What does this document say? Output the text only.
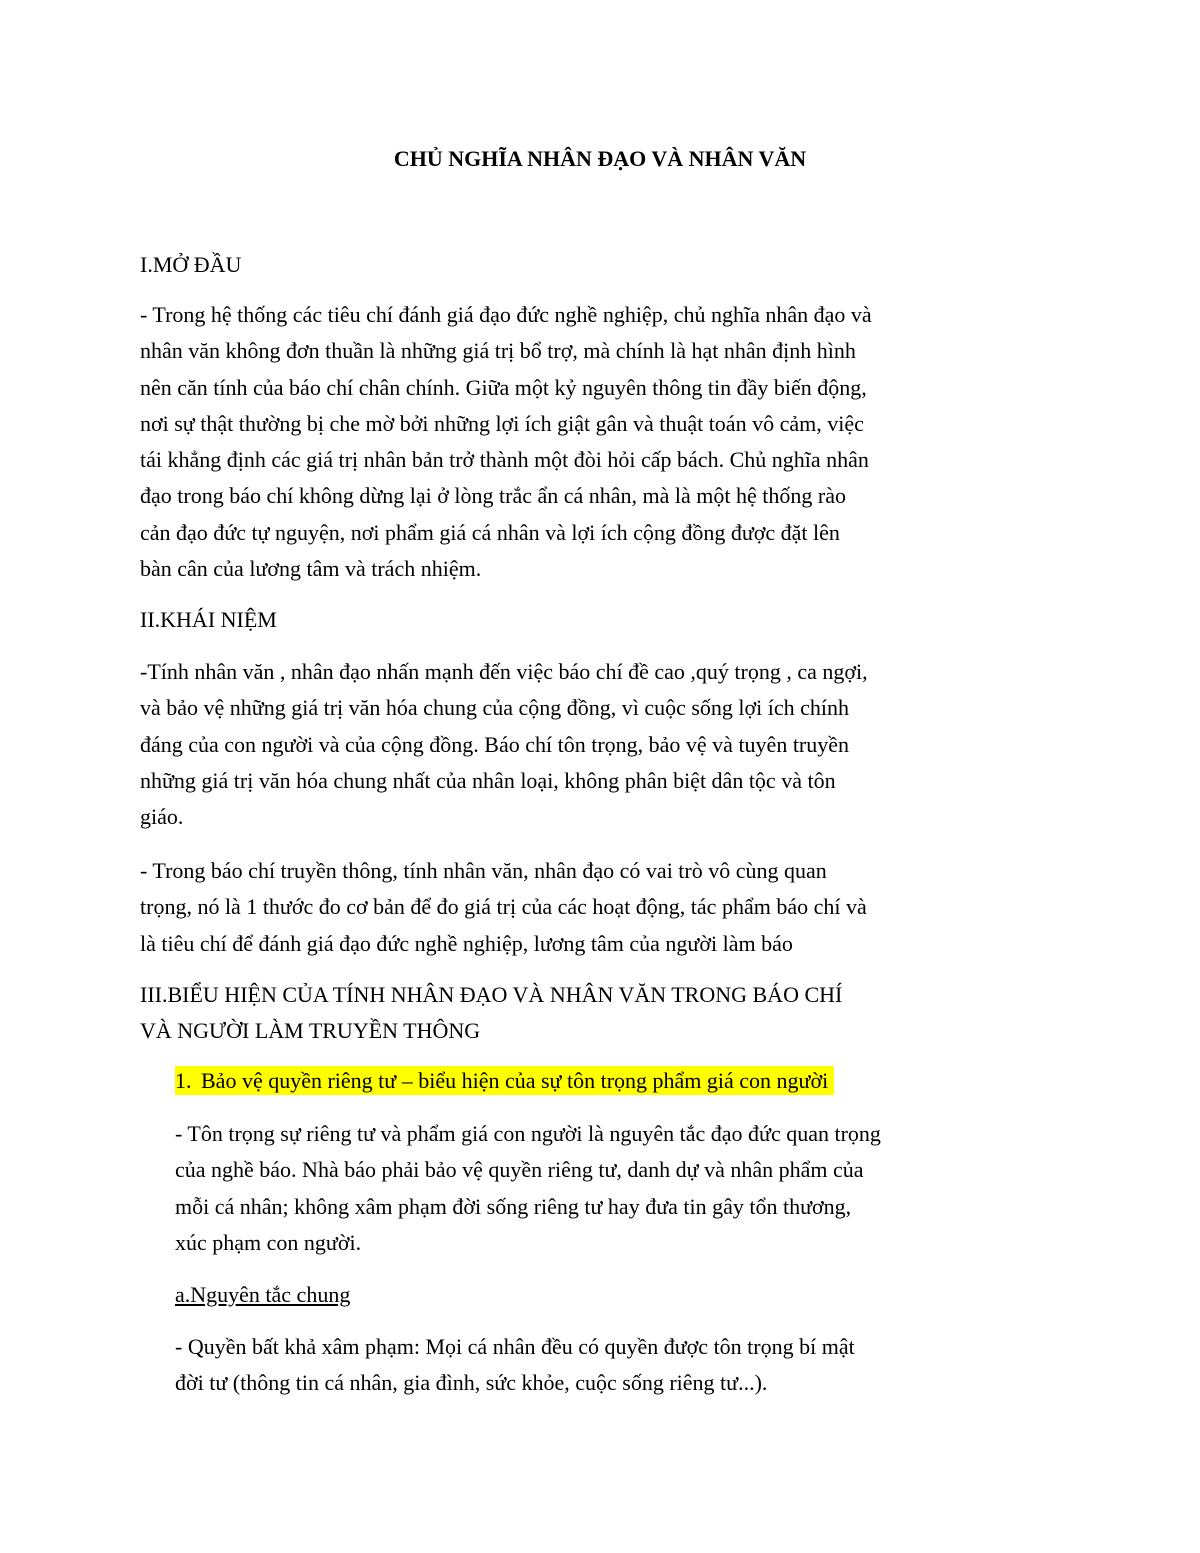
CHỦ NGHĨA NHÂN ĐẠO VÀ NHÂN VĂN
I.MỞ ĐẦU
- Trong hệ thống các tiêu chí đánh giá đạo đức nghề nghiệp, chủ nghĩa nhân đạo và
nhân văn không đơn thuần là những giá trị bổ trợ, mà chính là hạt nhân định hình
nên căn tính của báo chí chân chính. Giữa một kỷ nguyên thông tin đầy biến động,
nơi sự thật thường bị che mờ bởi những lợi ích giật gân và thuật toán vô cảm, việc
tái khẳng định các giá trị nhân bản trở thành một đòi hỏi cấp bách. Chủ nghĩa nhân
đạo trong báo chí không dừng lại ở lòng trắc ẩn cá nhân, mà là một hệ thống rào
cản đạo đức tự nguyện, nơi phẩm giá cá nhân và lợi ích cộng đồng được đặt lên
bàn cân của lương tâm và trách nhiệm.
II.KHÁI NIỆM
-Tính nhân văn , nhân đạo nhấn mạnh đến việc báo chí đề cao ,quý trọng , ca ngợi,
và bảo vệ những giá trị văn hóa chung của cộng đồng, vì cuộc sống lợi ích chính
đáng của con người và của cộng đồng. Báo chí tôn trọng, bảo vệ và tuyên truyền
những giá trị văn hóa chung nhất của nhân loại, không phân biệt dân tộc và tôn
giáo.
- Trong báo chí truyền thông, tính nhân văn, nhân đạo có vai trò vô cùng quan
trọng, nó là 1 thước đo cơ bản để đo giá trị của các hoạt động, tác phẩm báo chí và
là tiêu chí để đánh giá đạo đức nghề nghiệp, lương tâm của người làm báo
III.BIỂU HIỆN CỦA TÍNH NHÂN ĐẠO VÀ NHÂN VĂN TRONG BÁO CHÍ
VÀ NGƯỜI LÀM TRUYỀN THÔNG
1. Bảo vệ quyền riêng tư – biểu hiện của sự tôn trọng phẩm giá con người
- Tôn trọng sự riêng tư và phẩm giá con người là nguyên tắc đạo đức quan trọng
của nghề báo. Nhà báo phải bảo vệ quyền riêng tư, danh dự và nhân phẩm của
mỗi cá nhân; không xâm phạm đời sống riêng tư hay đưa tin gây tổn thương,
xúc phạm con người.
a.Nguyên tắc chung
- Quyền bất khả xâm phạm: Mọi cá nhân đều có quyền được tôn trọng bí mật
đời tư (thông tin cá nhân, gia đình, sức khỏe, cuộc sống riêng tư...).
